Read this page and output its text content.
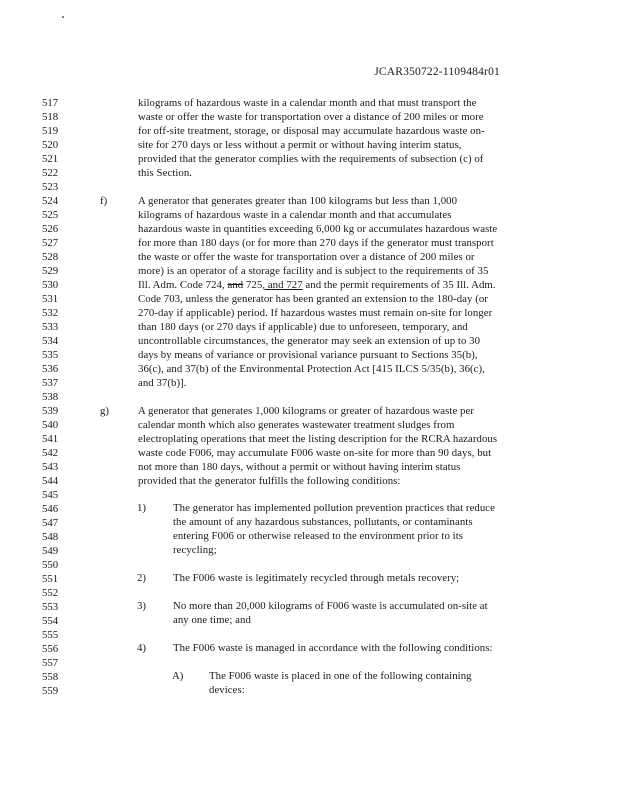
JCAR350722-1109484r01
517
518
519
520
521
522
523
524
525
526
527
528
529
530
531
532
533
534
535
536
537
538
539
540
541
542
543
544
545
546
547
548
549
550
551
552
553
554
555
556
557
558
559
f)
g)
1)
2)
3)
4)
A)
kilograms of hazardous waste in a calendar month and that must transport the
waste or offer the waste for transportation over a distance of 200 miles or more
for off-site treatment, storage, or disposal may accumulate hazardous waste on-
site for 270 days or less without a permit or without having interim status,
provided that the generator complies with the requirements of subsection (c) of
this Section.
A generator that generates greater than 100 kilograms but less than 1,000
kilograms of hazardous waste in a calendar month and that accumulates
hazardous waste in quantities exceeding 6,000 kg or accumulates hazardous waste
for more than 180 days (or for more than 270 days if the generator must transport
the waste or offer the waste for transportation over a distance of 200 miles or
more) is an operator of a storage facility and is subject to the requirements of 35
Ill. Adm. Code 724, and 725, and 727 and the permit requirements of 35 Ill. Adm.
Code 703, unless the generator has been granted an extension to the 180-day (or
270-day if applicable) period. If hazardous wastes must remain on-site for longer
than 180 days (or 270 days if applicable) due to unforeseen, temporary, and
uncontrollable circumstances, the generator may seek an extension of up to 30
days by means of variance or provisional variance pursuant to Sections 35(b),
36(c), and 37(b) of the Environmental Protection Act [415 ILCS 5/35(b), 36(c),
and 37(b)].
A generator that generates 1,000 kilograms or greater of hazardous waste per
calendar month which also generates wastewater treatment sludges from
electroplating operations that meet the listing description for the RCRA hazardous
waste code F006, may accumulate F006 waste on-site for more than 90 days, but
not more than 180 days, without a permit or without having interim status
provided that the generator fulfills the following conditions:
The generator has implemented pollution prevention practices that reduce
the amount of any hazardous substances, pollutants, or contaminants
entering F006 or otherwise released to the environment prior to its
recycling;
The F006 waste is legitimately recycled through metals recovery;
No more than 20,000 kilograms of F006 waste is accumulated on-site at
any one time; and
The F006 waste is managed in accordance with the following conditions:
The F006 waste is placed in one of the following containing
devices:
